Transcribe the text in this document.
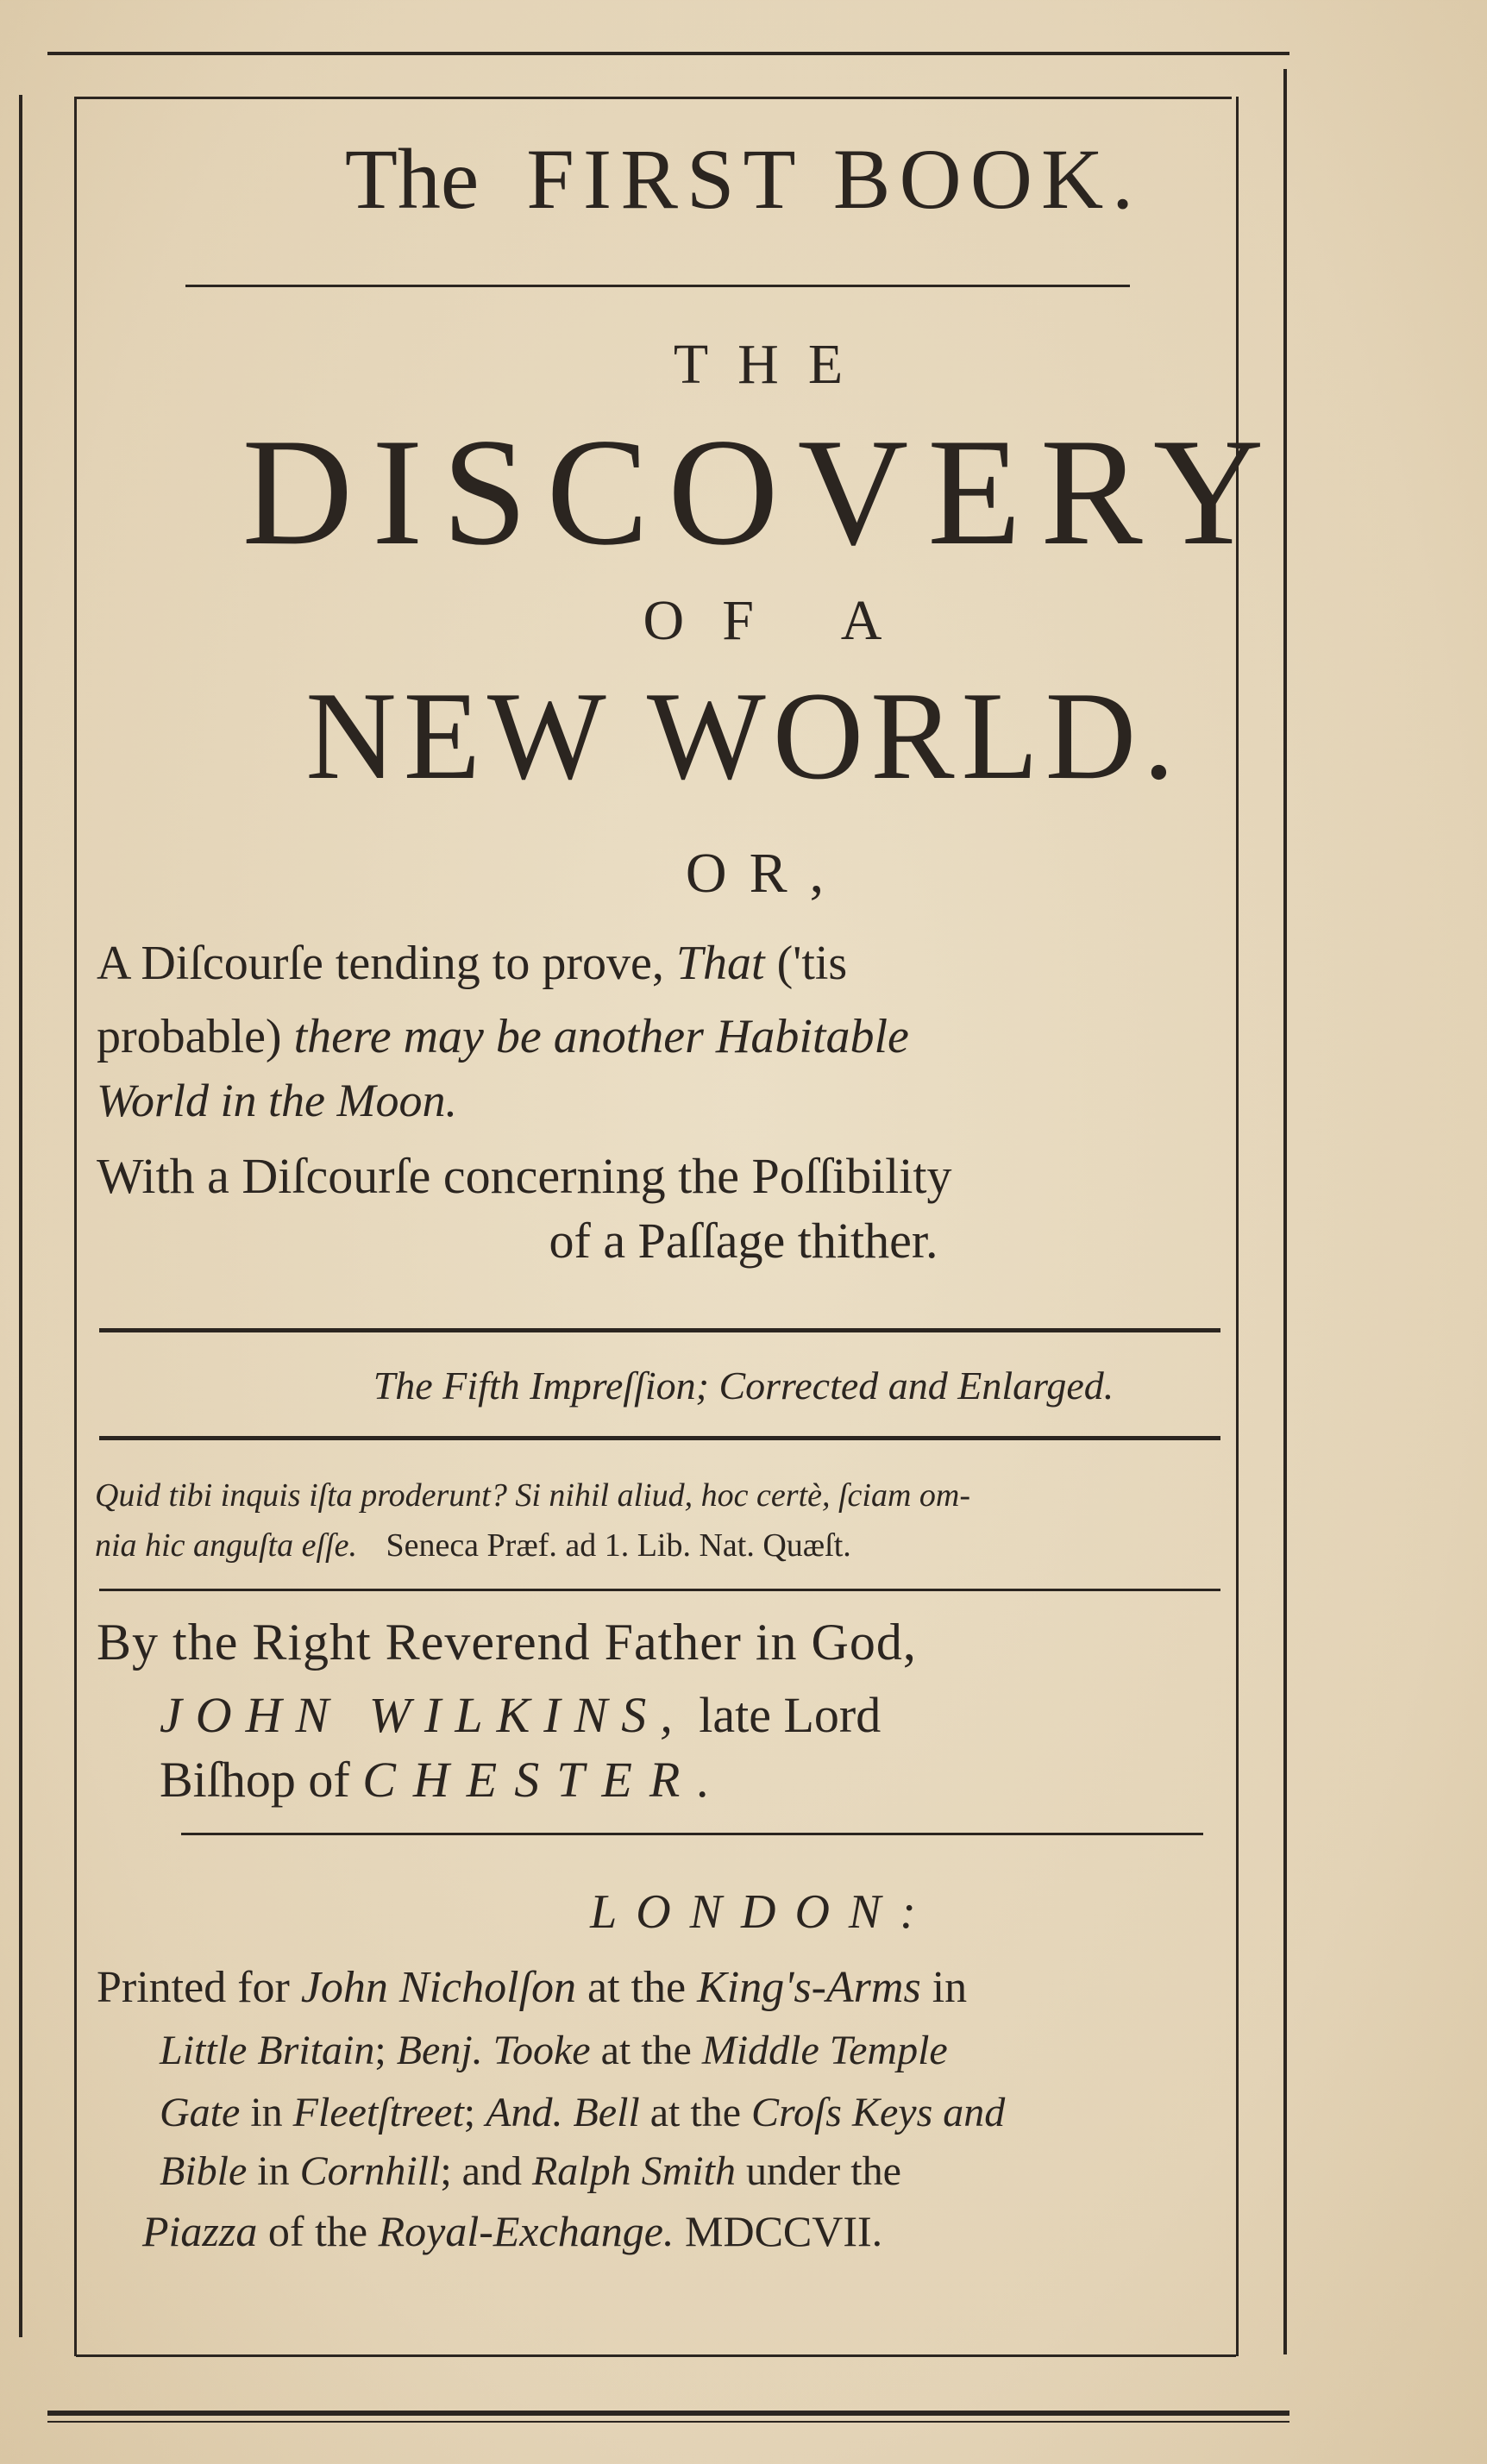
The FIRST BOOK.
THE
DISCOVERY
OF A
NEW WORLD.
OR,
A Diſcourſe tending to prove, That ('tis
probable) there may be another Habitable
World in the Moon.
With a Diſcourſe concerning the Poſſibility
of a Paſſage thither.
The Fifth Impreſſion; Corrected and Enlarged.
Quid tibi inquis iſta proderunt? Si nihil aliud, hoc certè, ſciam om-
nia hic anguſta eſſe. Seneca Præf. ad 1. Lib. Nat. Quæſt.
By the Right Reverend Father in God,
JOHN WILKINS, late Lord
Biſhop of CHESTER.
LONDON:
Printed for John Nicholſon at the King's-Arms in
Little Britain; Benj. Tooke at the Middle Temple
Gate in Fleetſtreet; And. Bell at the Croſs Keys and
Bible in Cornhill; and Ralph Smith under the
Piazza of the Royal-Exchange. MDCCVII.
